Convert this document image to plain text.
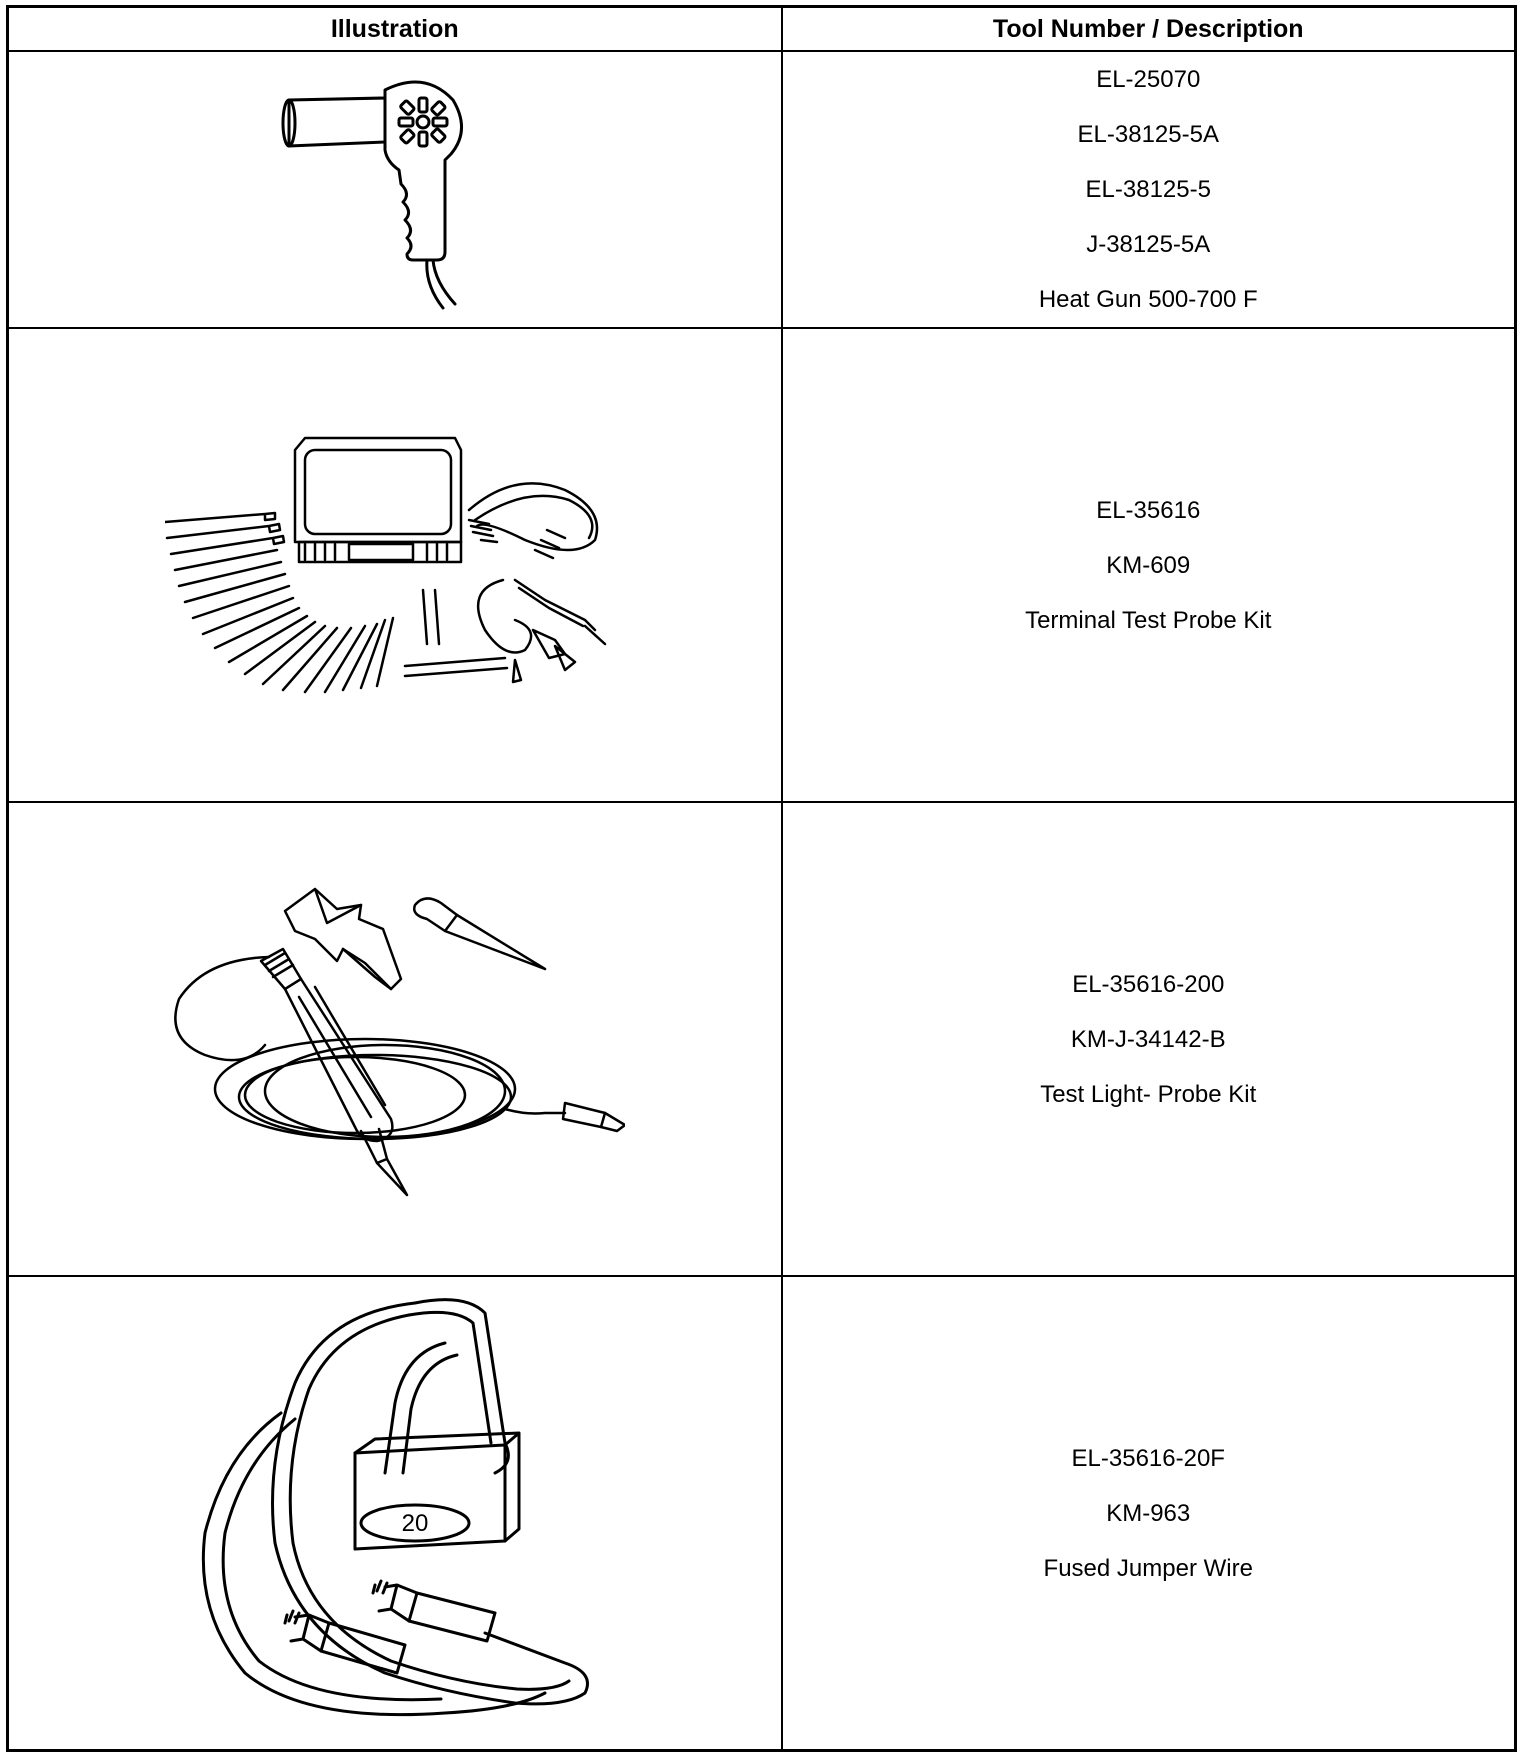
Illustration	Tool Number / Description

EL-25070
EL-38125-5A
EL-38125-5
J-38125-5A
Heat Gun 500-700 F

EL-35616
KM-609
Terminal Test Probe Kit

EL-35616-200
KM-J-34142-B
Test Light- Probe Kit

20	EL-35616-20F
KM-963
Fused Jumper Wire
